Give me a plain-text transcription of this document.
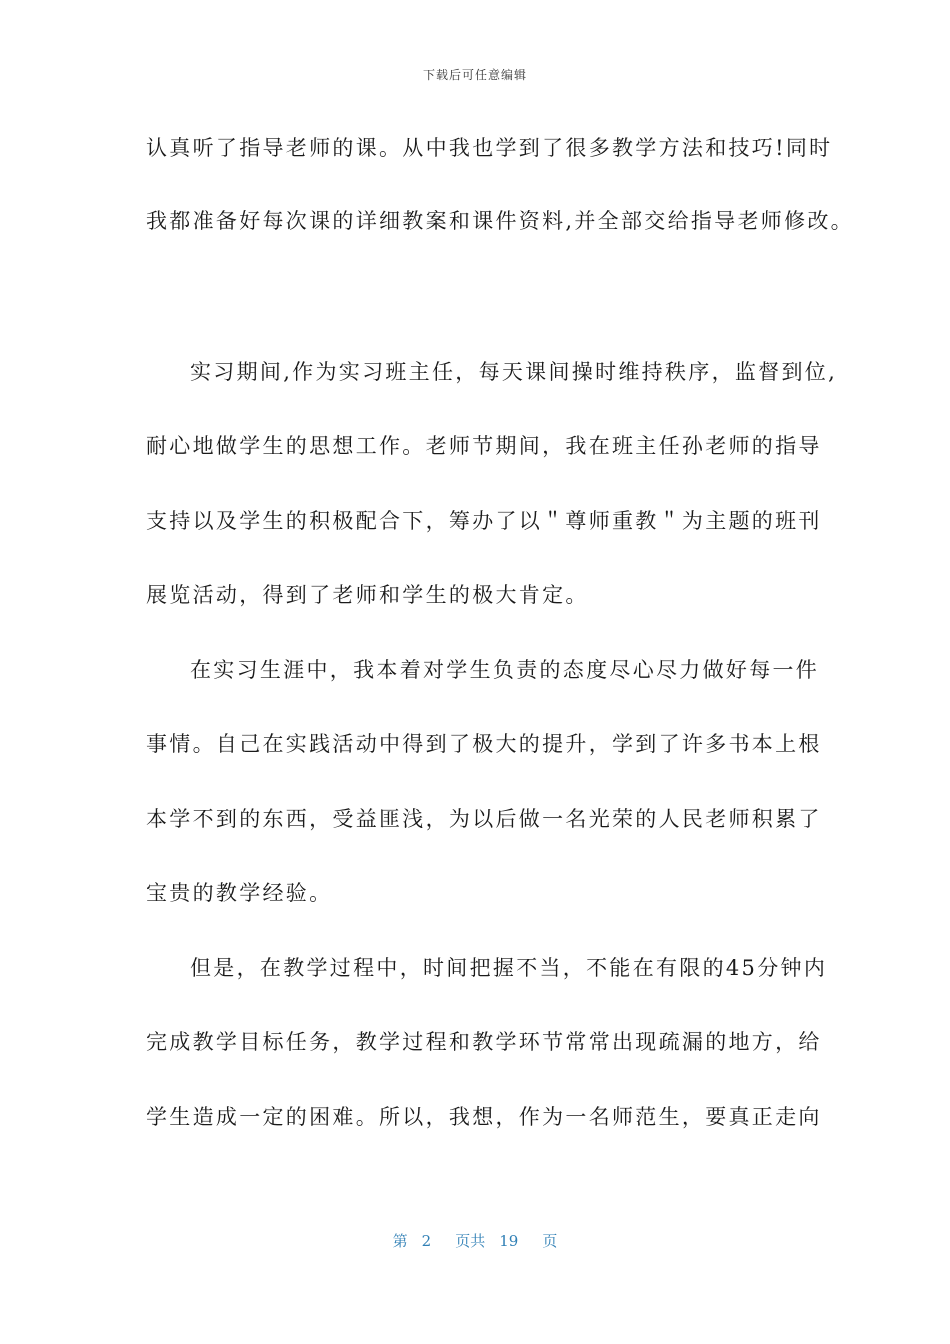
下载后可任意编辑
认真听了指导老师的课。从中我也学到了很多教学方法和技巧!同时
我都准备好每次课的详细教案和课件资料,并全部交给指导老师修改。
实习期间,作为实习班主任，每天课间操时维持秩序，监督到位,
耐心地做学生的思想工作。老师节期间，我在班主任孙老师的指导
支持以及学生的积极配合下，筹办了以＂尊师重教＂为主题的班刊
展览活动，得到了老师和学生的极大肯定。
在实习生涯中，我本着对学生负责的态度尽心尽力做好每一件
事情。自己在实践活动中得到了极大的提升，学到了许多书本上根
本学不到的东西，受益匪浅，为以后做一名光荣的人民老师积累了
宝贵的教学经验。
但是，在教学过程中，时间把握不当，不能在有限的45分钟内
完成教学目标任务，教学过程和教学环节常常出现疏漏的地方，给
学生造成一定的困难。所以，我想，作为一名师范生，要真正走向
第 2 页共 19 页
